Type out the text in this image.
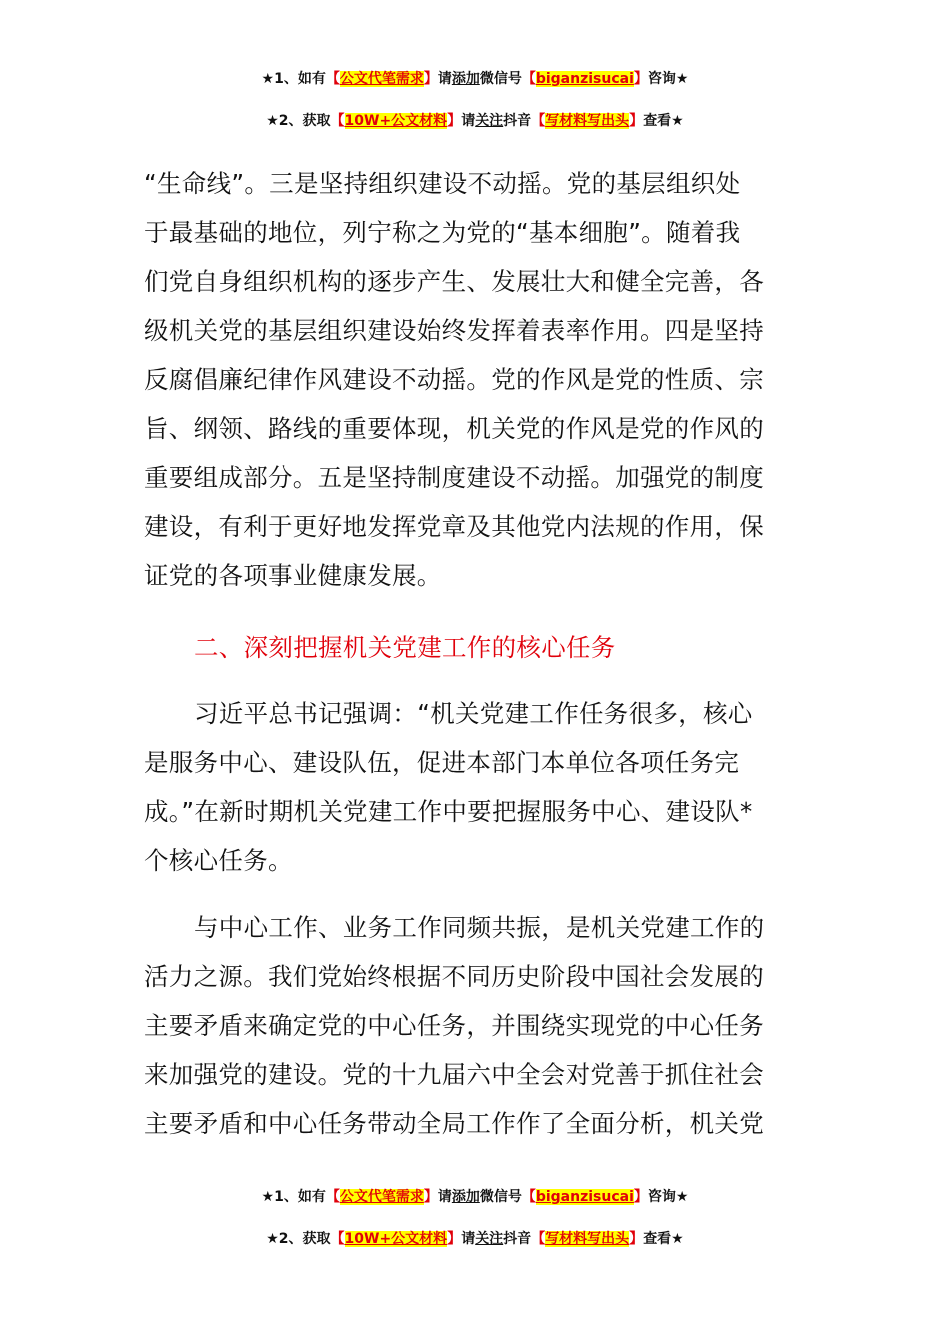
★1、如有【公文代笔需求】请添加微信号【biganzisucai】咨询★
★2、获取【10W+公文材料】请关注抖音【写材料写出头】查看★
“生命线”。三是坚持组织建设不动摇。党的基层组织处
于最基础的地位，列宁称之为党的“基本细胞”。随着我
们党自身组织机构的逐步产生、发展壮大和健全完善，各
级机关党的基层组织建设始终发挥着表率作用。四是坚持
反腐倡廉纪律作风建设不动摇。党的作风是党的性质、宗
旨、纲领、路线的重要体现，机关党的作风是党的作风的
重要组成部分。五是坚持制度建设不动摇。加强党的制度
建设，有利于更好地发挥党章及其他党内法规的作用，保
证党的各项事业健康发展。
二、深刻把握机关党建工作的核心任务
习近平总书记强调：“机关党建工作任务很多，核心
是服务中心、建设队伍，促进本部门本单位各项任务完
成。”在新时期机关党建工作中要把握服务中心、建设队*
个核心任务。
与中心工作、业务工作同频共振，是机关党建工作的
活力之源。我们党始终根据不同历史阶段中国社会发展的
主要矛盾来确定党的中心任务，并围绕实现党的中心任务
来加强党的建设。党的十九届六中全会对党善于抓住社会
主要矛盾和中心任务带动全局工作作了全面分析，机关党
★1、如有【公文代笔需求】请添加微信号【biganzisucai】咨询★
★2、获取【10W+公文材料】请关注抖音【写材料写出头】查看★
